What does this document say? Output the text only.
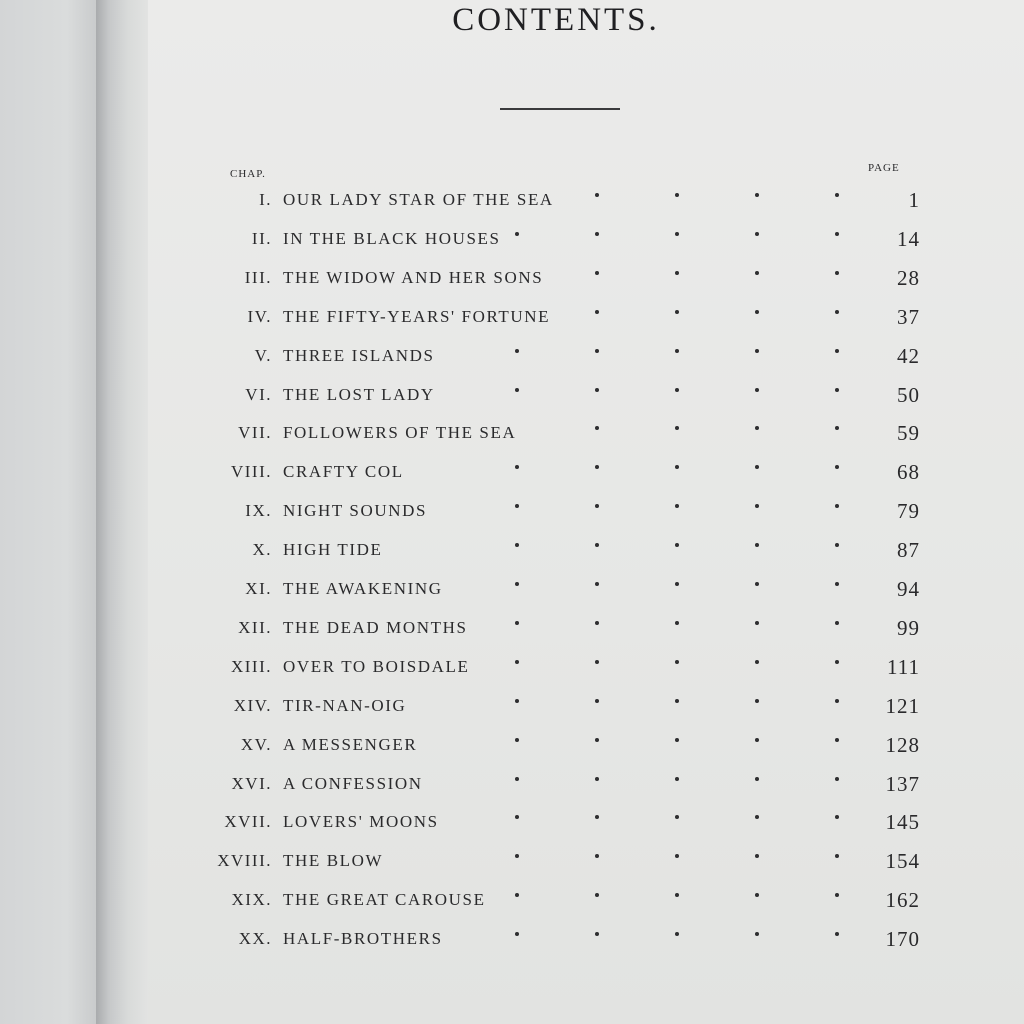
CONTENTS.
CHAP.	PAGE
I. OUR LADY STAR OF THE SEA	1
II. IN THE BLACK HOUSES	14
III. THE WIDOW AND HER SONS	28
IV. THE FIFTY-YEARS' FORTUNE	37
V. THREE ISLANDS	42
VI. THE LOST LADY	50
VII. FOLLOWERS OF THE SEA	59
VIII. CRAFTY COL	68
IX. NIGHT SOUNDS	79
X. HIGH TIDE	87
XI. THE AWAKENING	94
XII. THE DEAD MONTHS	99
XIII. OVER TO BOISDALE	111
XIV. TIR-NAN-OIG	121
XV. A MESSENGER	128
XVI. A CONFESSION	137
XVII. LOVERS' MOONS	145
XVIII. THE BLOW	154
XIX. THE GREAT CAROUSE	162
XX. HALF-BROTHERS	170
